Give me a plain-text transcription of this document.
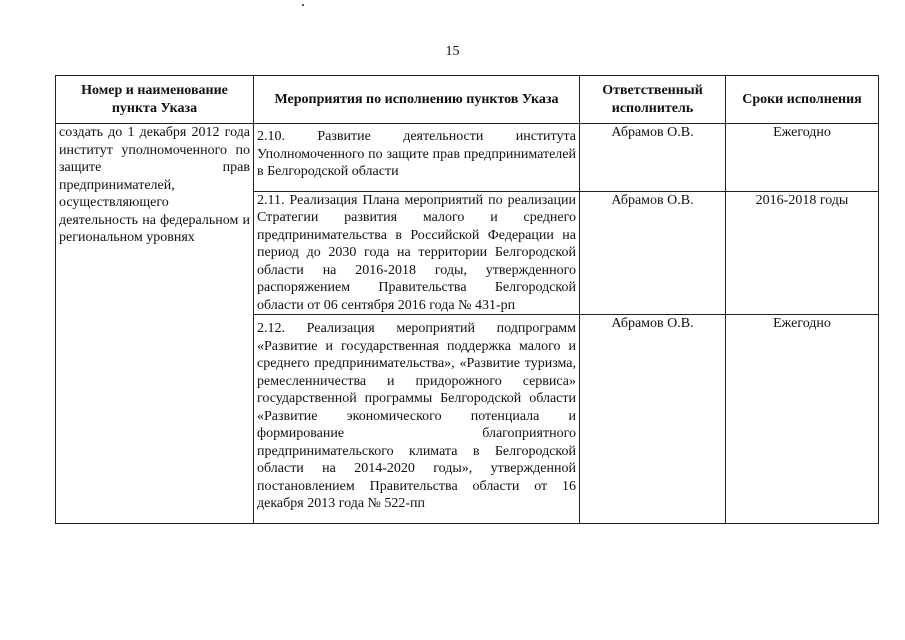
15
Номер и наименование пункта Указа	Мероприятия по исполнению пунктов Указа	Ответственный исполнитель	Сроки исполнения
создать до 1 декабря 2012 года институт уполномоченного по защите прав предпринимателей, осуществляющего деятельность на федеральном и региональном уровнях	2.10. Развитие деятельности института Уполномоченного по защите прав предпринимателей в Белгородской области	Абрамов О.В.	Ежегодно
	2.11. Реализация Плана мероприятий по реализации Стратегии развития малого и среднего предпринимательства в Российской Федерации на период до 2030 года на территории Белгородской области на 2016-2018 годы, утвержденного распоряжением Правительства Белгородской области от 06 сентября 2016 года № 431-рп	Абрамов О.В.	2016-2018 годы
	2.12. Реализация мероприятий подпрограмм «Развитие и государственная поддержка малого и среднего предпринимательства», «Развитие туризма, ремесленничества и придорожного сервиса» государственной программы Белгородской области «Развитие экономического потенциала и формирование благоприятного предпринимательского климата в Белгородской области на 2014-2020 годы», утвержденной постановлением Правительства области от 16 декабря 2013 года № 522-пп	Абрамов О.В.	Ежегодно
